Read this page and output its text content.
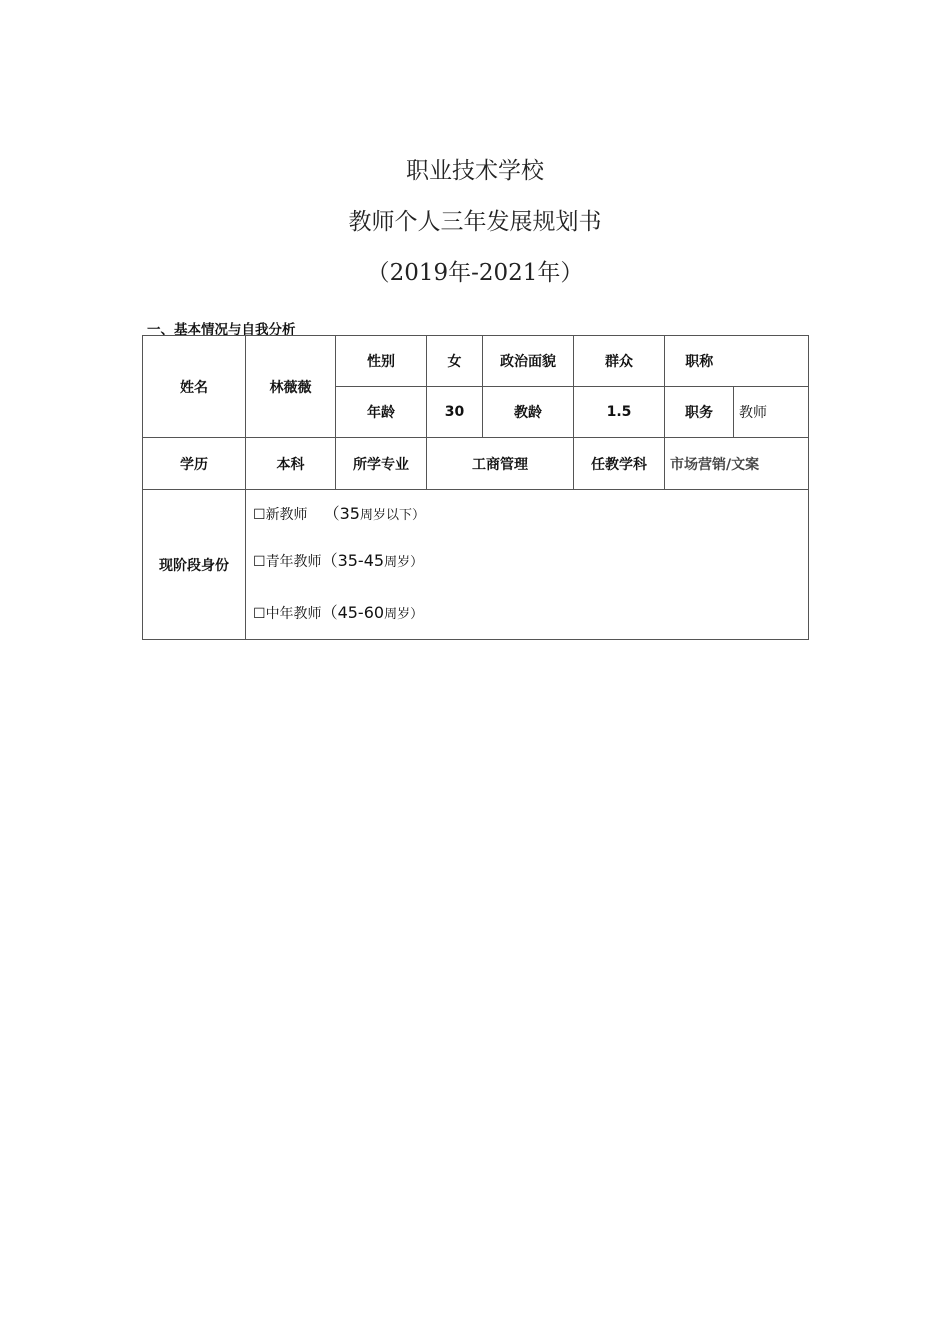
职业技术学校
教师个人三年发展规划书
（2019年-2021年）
一、基本情况与自我分析
姓名	林薇薇	性别	女	政治面貌	群众	职称	
		年龄	30	教龄	1.5	职务	教师
学历	本科	所学专业	工商管理		任教学科	市场营销/文案	
现阶段身份	☐新教师 （35周岁以下）
☐青年教师（35-45周岁）
☐中年教师（45-60周岁）						
